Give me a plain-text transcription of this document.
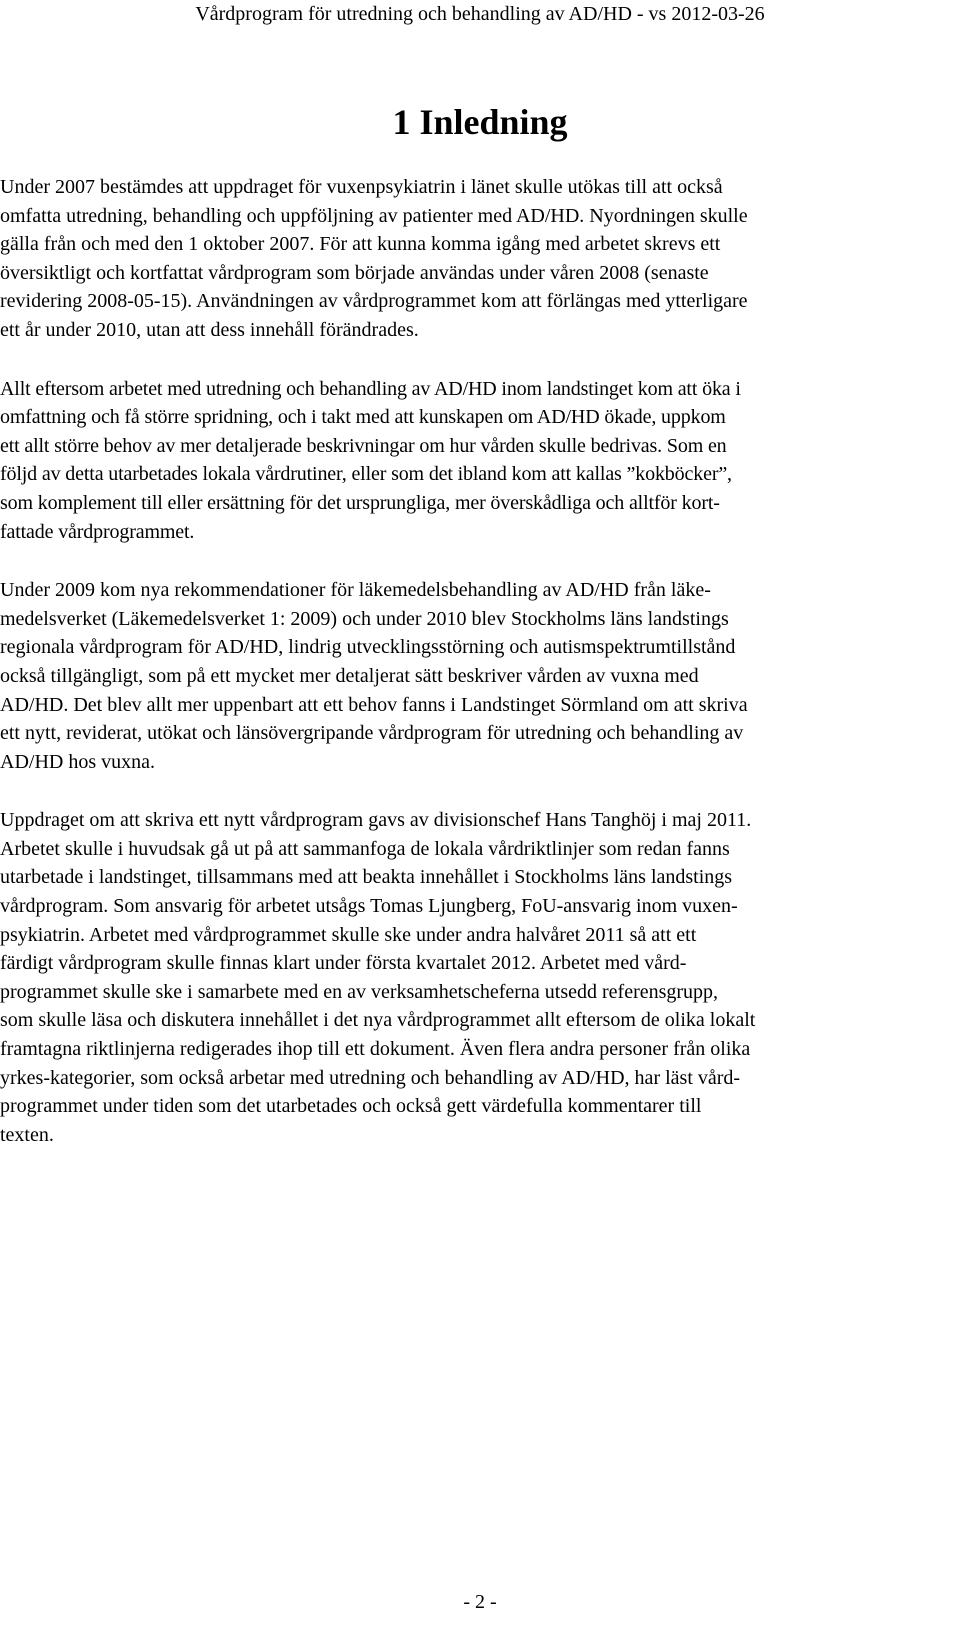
Vårdprogram för utredning och behandling av AD/HD - vs 2012-03-26
1 Inledning
Under 2007 bestämdes att uppdraget för vuxenpsykiatrin i länet skulle utökas till att också
omfatta utredning, behandling och uppföljning av patienter med AD/HD. Nyordningen skulle
gälla från och med den 1 oktober 2007. För att kunna komma igång med arbetet skrevs ett
översiktligt och kortfattat vårdprogram som började användas under våren 2008 (senaste
revidering 2008-05-15). Användningen av vårdprogrammet kom att förlängas med ytterligare
ett år under 2010, utan att dess innehåll förändrades.
Allt eftersom arbetet med utredning och behandling av AD/HD inom landstinget kom att öka i
omfattning och få större spridning, och i takt med att kunskapen om AD/HD ökade, uppkom
ett allt större behov av mer detaljerade beskrivningar om hur vården skulle bedrivas. Som en
följd av detta utarbetades lokala vårdrutiner, eller som det ibland kom att kallas ”kokböcker”,
som komplement till eller ersättning för det ursprungliga, mer överskådliga och alltför kort-
fattade vårdprogrammet.
Under 2009 kom nya rekommendationer för läkemedelsbehandling av AD/HD från läke-
medelsverket (Läkemedelsverket 1: 2009) och under 2010 blev Stockholms läns landstings
regionala vårdprogram för AD/HD, lindrig utvecklingsstörning och autismspektrumtillstånd
också tillgängligt, som på ett mycket mer detaljerat sätt beskriver vården av vuxna med
AD/HD. Det blev allt mer uppenbart att ett behov fanns i Landstinget Sörmland om att skriva
ett nytt, reviderat, utökat och länsövergripande vårdprogram för utredning och behandling av
AD/HD hos vuxna.
Uppdraget om att skriva ett nytt vårdprogram gavs av divisionschef Hans Tanghöj i maj 2011.
Arbetet skulle i huvudsak gå ut på att sammanfoga de lokala vårdriktlinjer som redan fanns
utarbetade i landstinget, tillsammans med att beakta innehållet i Stockholms läns landstings
vårdprogram. Som ansvarig för arbetet utsågs Tomas Ljungberg, FoU-ansvarig inom vuxen-
psykiatrin. Arbetet med vårdprogrammet skulle ske under andra halvåret 2011 så att ett
färdigt vårdprogram skulle finnas klart under första kvartalet 2012. Arbetet med vård-
programmet skulle ske i samarbete med en av verksamhetscheferna utsedd referensgrupp,
som skulle läsa och diskutera innehållet i det nya vårdprogrammet allt eftersom de olika lokalt
framtagna riktlinjerna redigerades ihop till ett dokument. Även flera andra personer från olika
yrkes-kategorier, som också arbetar med utredning och behandling av AD/HD, har läst vård-
programmet under tiden som det utarbetades och också gett värdefulla kommentarer till
texten.
- 2 -
